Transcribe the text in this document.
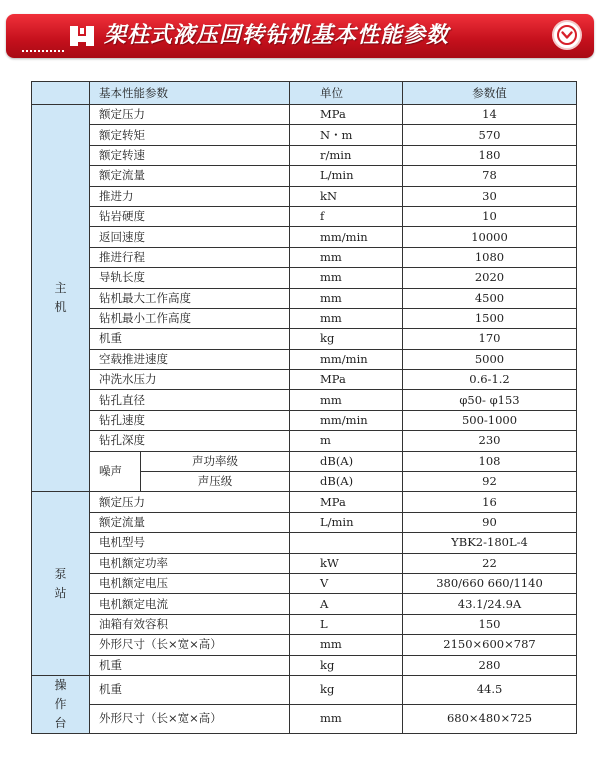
架柱式液压回转钻机基本性能参数
	基本性能参数		单位	参数值

主
机	额定压力		MPa	14
	额定转矩		N・m	570
	额定转速		r/min	180
	额定流量		L/min	78
	推进力		kN	30
	钻岩硬度		f	10
	返回速度		mm/min	10000
	推进行程		mm	1080
	导轨长度		mm	2020
	钻机最大工作高度		mm	4500
	钻机最小工作高度		mm	1500
	机重		kg	170
	空载推进速度		mm/min	5000
	冲洗水压力		MPa	0.6-1.2
	钻孔直径		mm	φ50- φ153
	钻孔速度		mm/min	500-1000
	钻孔深度		m	230
	噪声	声功率级	dB(A)	108
		声压级	dB(A)	92

泵
站	额定压力		MPa	16
	额定流量		L/min	90
	电机型号			YBK2-180L-4
	电机额定功率		kW	22
	电机额定电压		V	380/660 660/1140
	电机额定电流		A	43.1/24.9A
	油箱有效容积		L	150
	外形尺寸（长×宽×高）		mm	2150×600×787
	机重		kg	280

操
作
台	机重		kg	44.5
	外形尺寸（长×宽×高）		mm	680×480×725
